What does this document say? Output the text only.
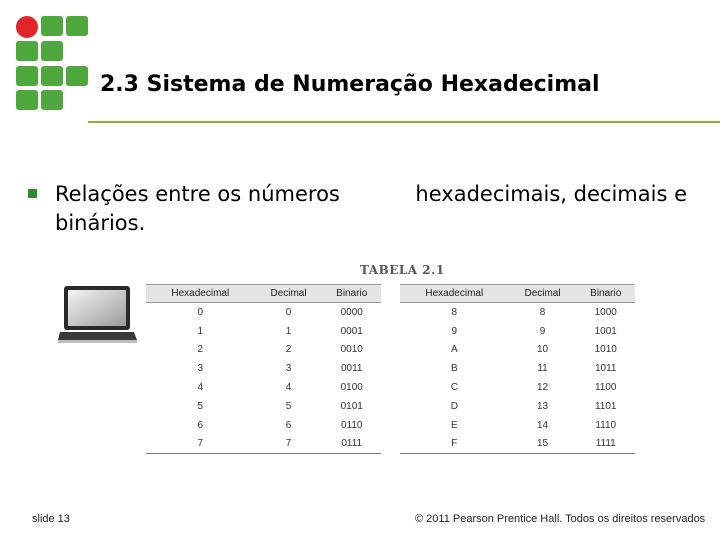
2.3 Sistema de Numeração Hexadecimal
Relações entre os números	hexadecimais, decimais e
binários.
TABELA 2.1
Hexadecimal	Decimal	Binario
0	0	0000
1	1	0001
2	2	0010
3	3	0011
4	4	0100
5	5	0101
6	6	0110
7	7	0111
Hexadecimal	Decimal	Binario
8	8	1000
9	9	1001
A	10	1010
B	11	1011
C	12	1100
D	13	1101
E	14	1110
F	15	1111
slide 13	© 2011 Pearson Prentice Hall. Todos os direitos reservados
